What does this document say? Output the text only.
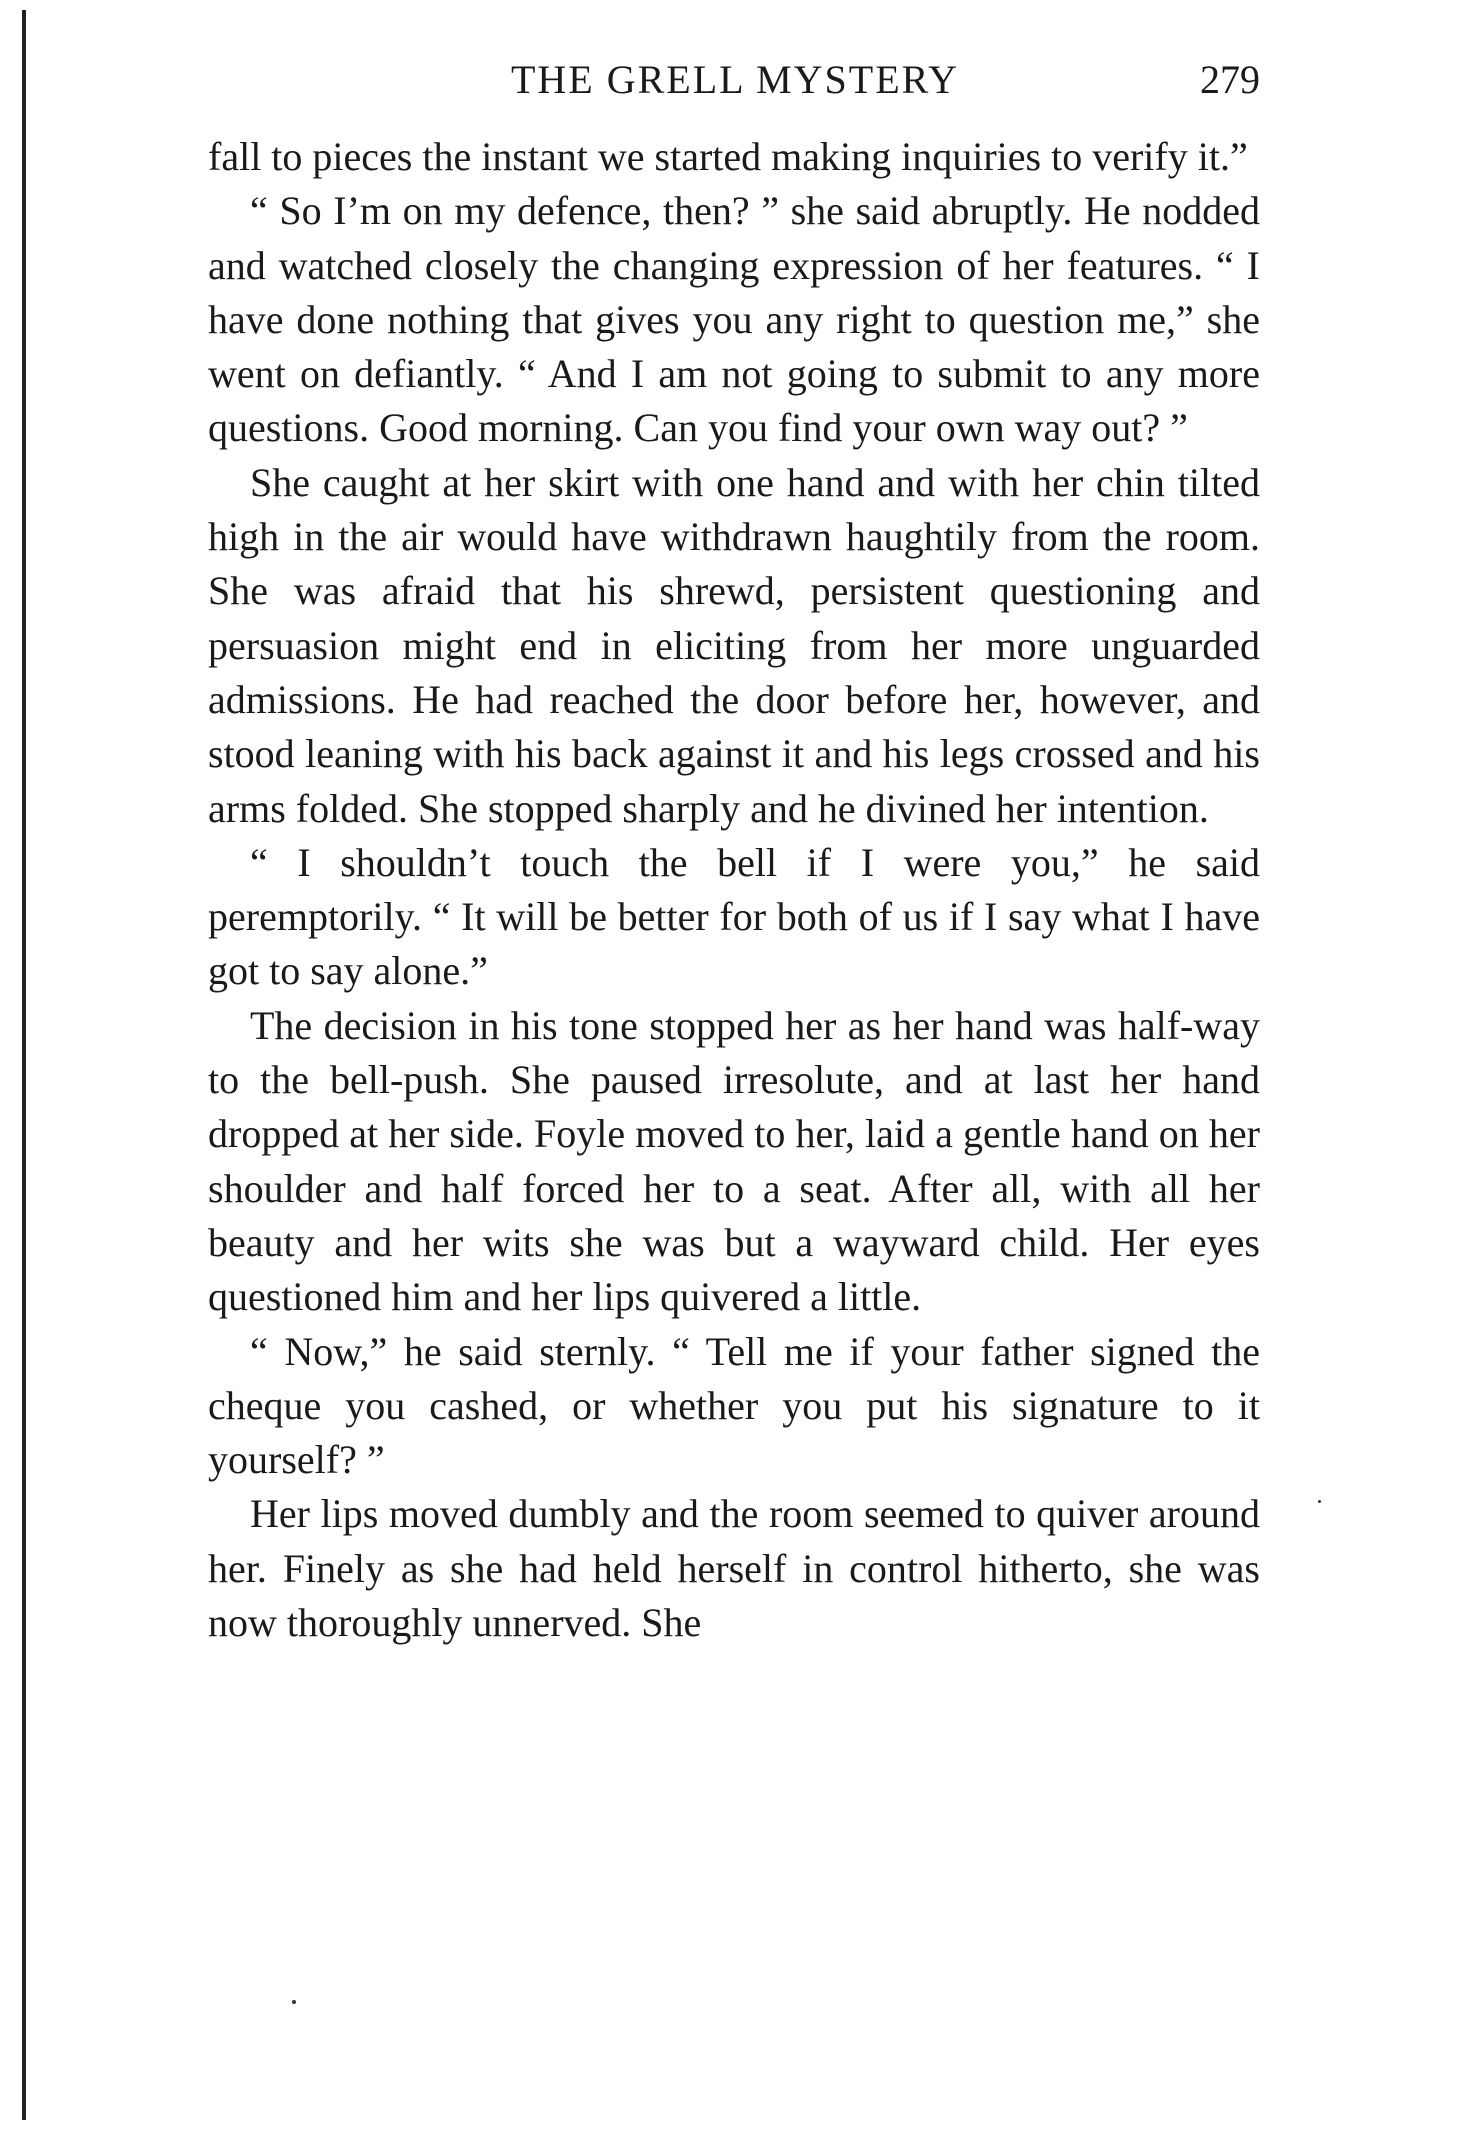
THE GRELL MYSTERY	279

fall to pieces the instant we started making inquiries to verify it.”

“ So I’m on my defence, then? ” she said abruptly. He nodded and watched closely the changing expression of her features. “ I have done nothing that gives you any right to question me,” she went on defiantly. “ And I am not going to submit to any more questions. Good morning. Can you find your own way out? ”

She caught at her skirt with one hand and with her chin tilted high in the air would have withdrawn haughtily from the room. She was afraid that his shrewd, persistent questioning and persuasion might end in eliciting from her more unguarded admissions. He had reached the door before her, however, and stood leaning with his back against it and his legs crossed and his arms folded. She stopped sharply and he divined her intention.

“ I shouldn’t touch the bell if I were you,” he said peremptorily. “ It will be better for both of us if I say what I have got to say alone.”

The decision in his tone stopped her as her hand was half-way to the bell-push. She paused irresolute, and at last her hand dropped at her side. Foyle moved to her, laid a gentle hand on her shoulder and half forced her to a seat. After all, with all her beauty and her wits she was but a wayward child. Her eyes questioned him and her lips quivered a little.

“ Now,” he said sternly. “ Tell me if your father signed the cheque you cashed, or whether you put his signature to it yourself? ”

Her lips moved dumbly and the room seemed to quiver around her. Finely as she had held herself in control hitherto, she was now thoroughly unnerved. She
